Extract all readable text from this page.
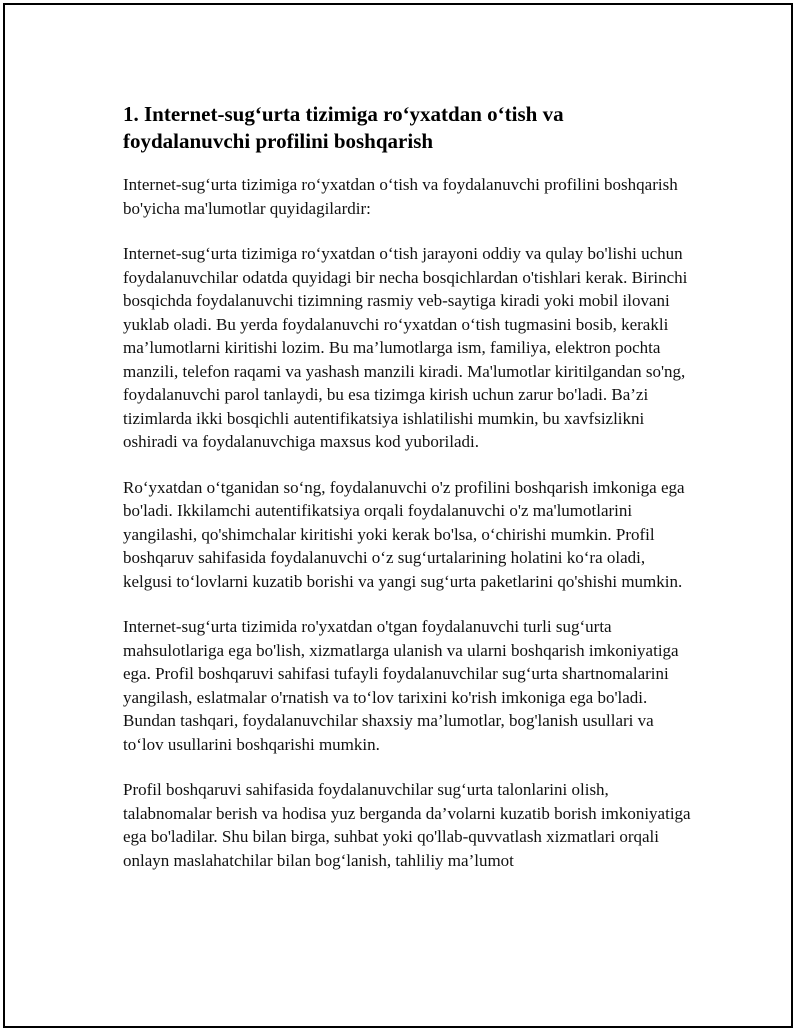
1. Internet-sug‘urta tizimiga ro‘yxatdan o‘tish va foydalanuvchi profilini boshqarish

Internet-sug‘urta tizimiga ro‘yxatdan o‘tish va foydalanuvchi profilini boshqarish bo'yicha ma'lumotlar quyidagilardir:

Internet-sug‘urta tizimiga ro‘yxatdan o‘tish jarayoni oddiy va qulay bo'lishi uchun foydalanuvchilar odatda quyidagi bir necha bosqichlardan o'tishlari kerak. Birinchi bosqichda foydalanuvchi tizimning rasmiy veb-saytiga kiradi yoki mobil ilovani yuklab oladi. Bu yerda foydalanuvchi ro‘yxatdan o‘tish tugmasini bosib, kerakli ma’lumotlarni kiritishi lozim. Bu ma’lumotlarga ism, familiya, elektron pochta manzili, telefon raqami va yashash manzili kiradi. Ma'lumotlar kiritilgandan so'ng, foydalanuvchi parol tanlaydi, bu esa tizimga kirish uchun zarur bo'ladi. Ba’zi tizimlarda ikki bosqichli autentifikatsiya ishlatilishi mumkin, bu xavfsizlikni oshiradi va foydalanuvchiga maxsus kod yuboriladi.

Ro‘yxatdan o‘tganidan so‘ng, foydalanuvchi o'z profilini boshqarish imkoniga ega bo'ladi. Ikkilamchi autentifikatsiya orqali foydalanuvchi o'z ma'lumotlarini yangilashi, qo'shimchalar kiritishi yoki kerak bo'lsa, o‘chirishi mumkin. Profil boshqaruv sahifasida foydalanuvchi o‘z sug‘urtalarining holatini ko‘ra oladi, kelgusi to‘lovlarni kuzatib borishi va yangi sug‘urta paketlarini qo'shishi mumkin.

Internet-sug‘urta tizimida ro'yxatdan o'tgan foydalanuvchi turli sug‘urta mahsulotlariga ega bo'lish, xizmatlarga ulanish va ularni boshqarish imkoniyatiga ega. Profil boshqaruvi sahifasi tufayli foydalanuvchilar sug‘urta shartnomalarini yangilash, eslatmalar o'rnatish va to‘lov tarixini ko'rish imkoniga ega bo'ladi. Bundan tashqari, foydalanuvchilar shaxsiy ma’lumotlar, bog'lanish usullari va to‘lov usullarini boshqarishi mumkin.

Profil boshqaruvi sahifasida foydalanuvchilar sug‘urta talonlarini olish, talabnomalar berish va hodisa yuz berganda da’volarni kuzatib borish imkoniyatiga ega bo'ladilar. Shu bilan birga, suhbat yoki qo'llab-quvvatlash xizmatlari orqali onlayn maslahatchilar bilan bog‘lanish, tahliliy ma’lumot
